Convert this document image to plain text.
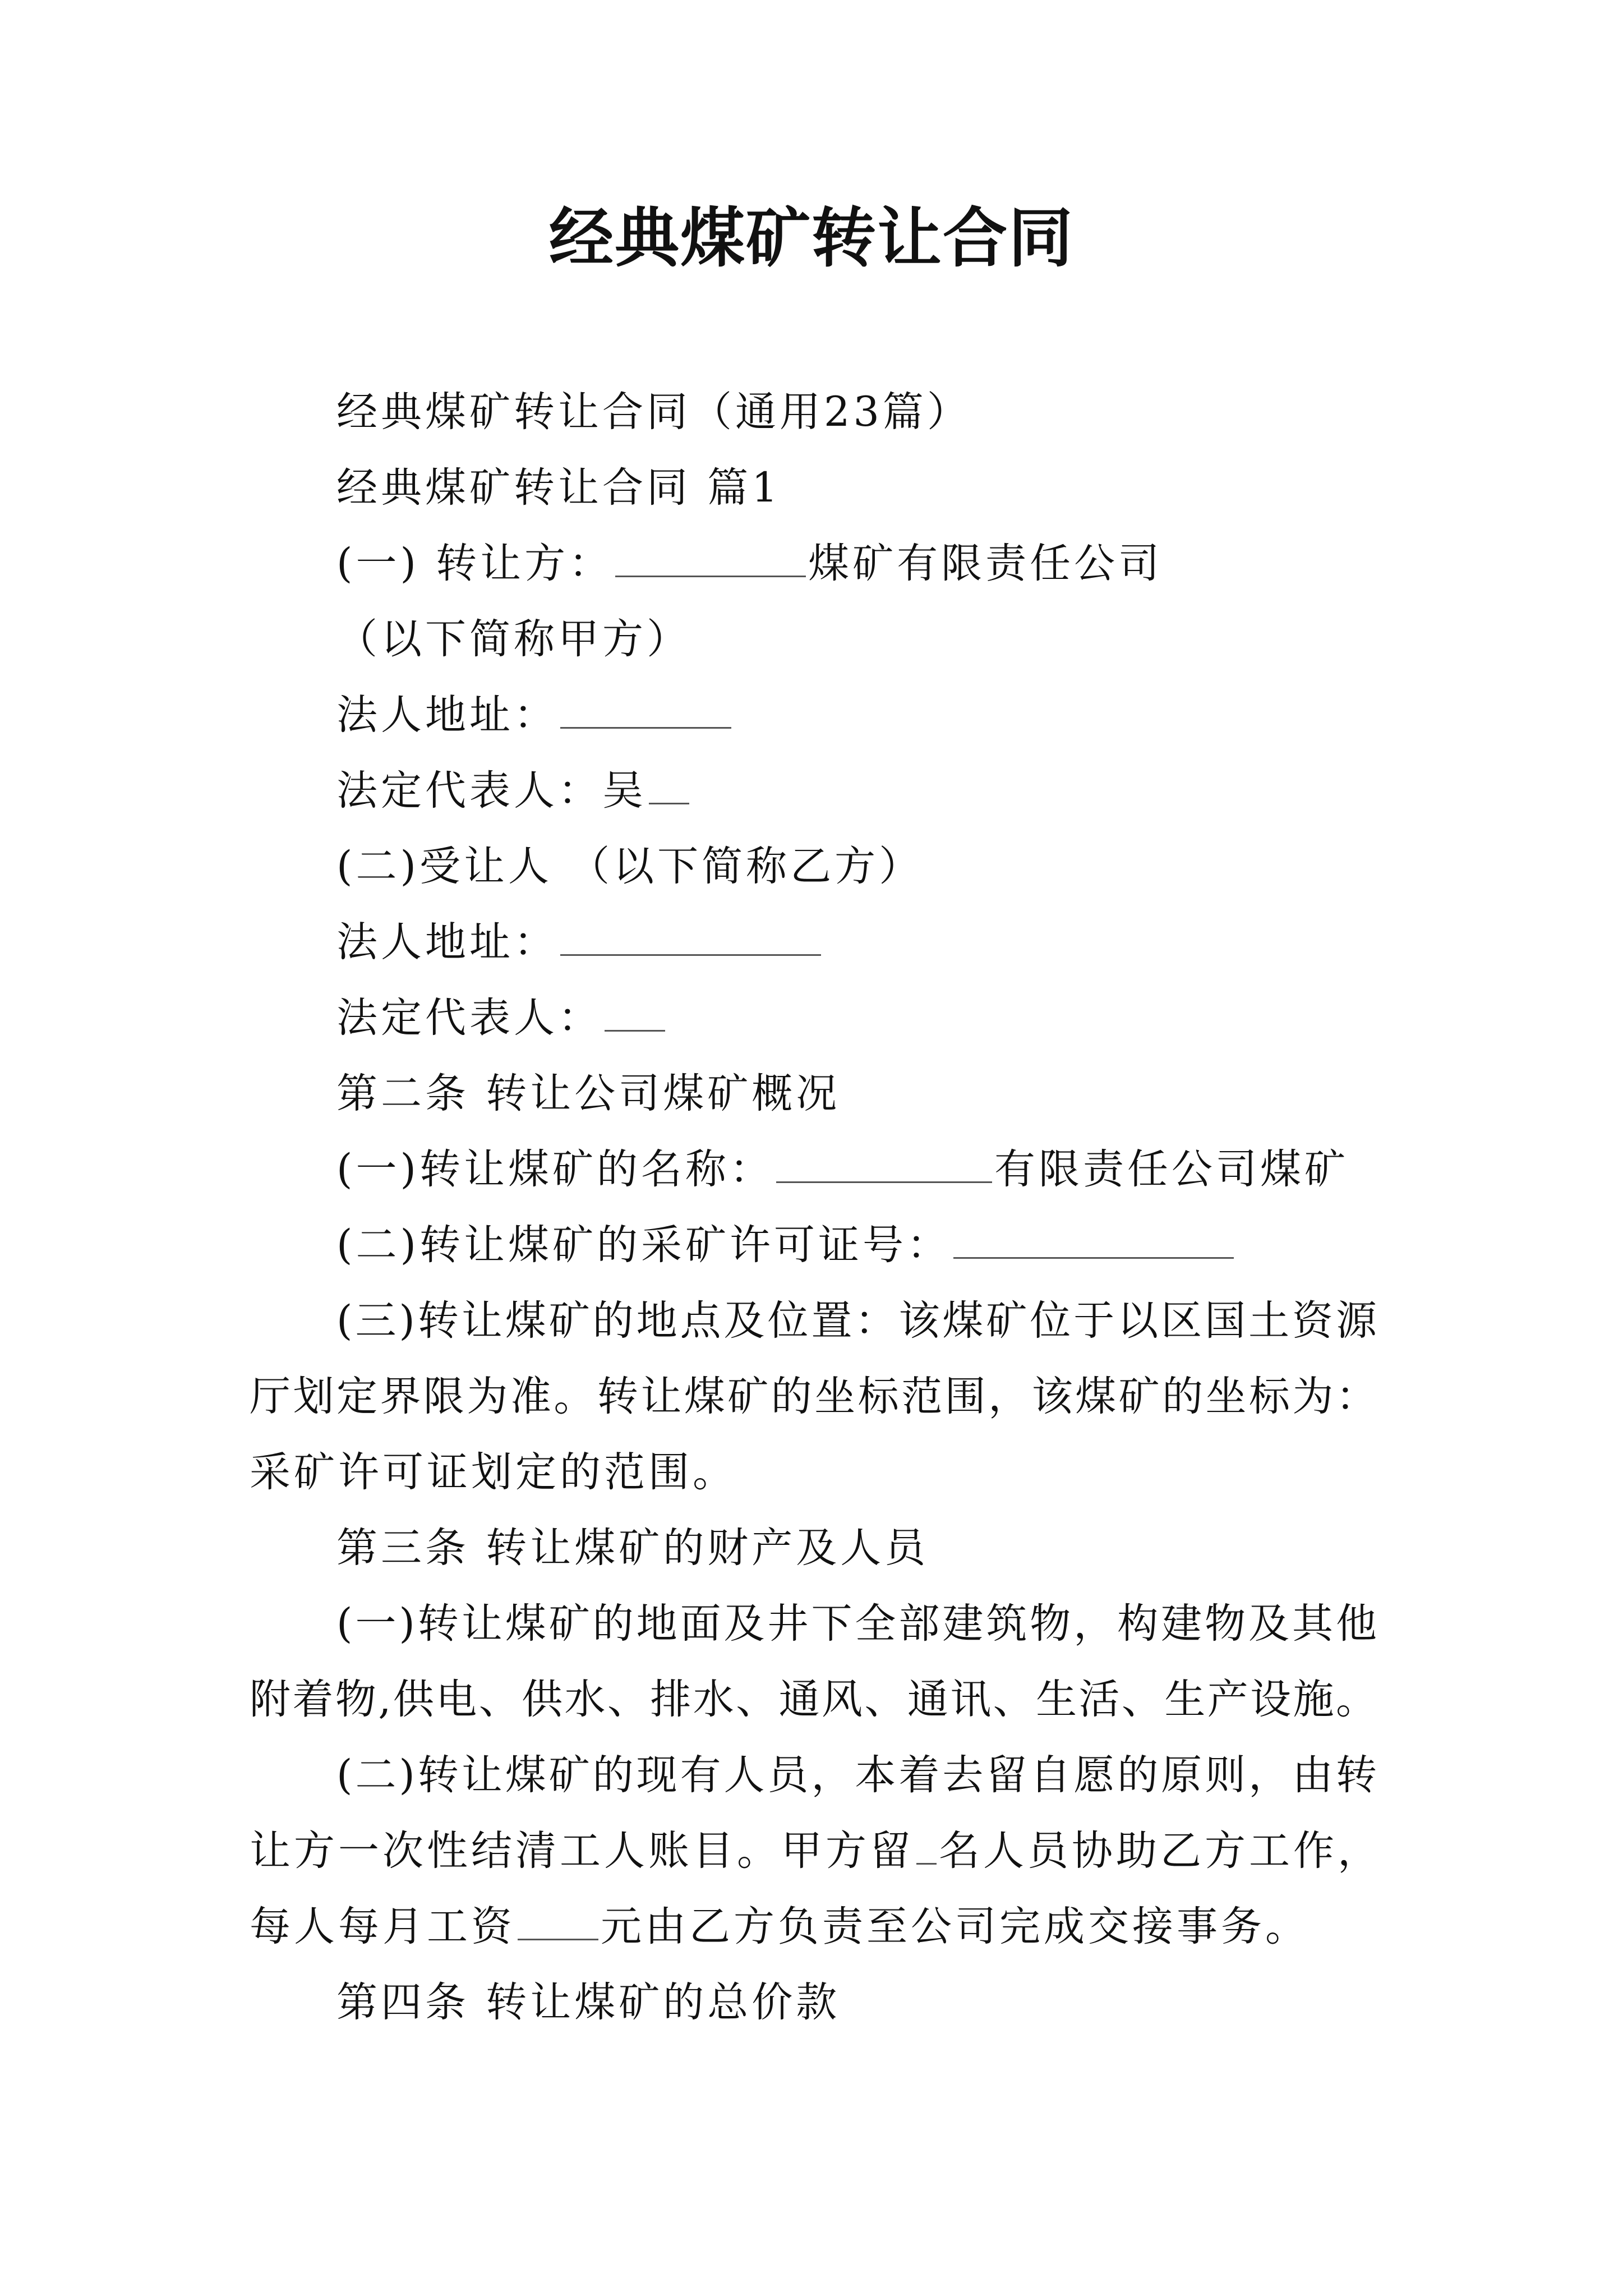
经典煤矿转让合同
经典煤矿转让合同（通用23篇）
经典煤矿转让合同 篇1
(一) 转让方：	煤矿有限责任公司
（以下简称甲方）
法人地址：
法定代表人：吴
(二)受让人 （以下简称乙方）
法人地址：
法定代表人：
第二条 转让公司煤矿概况
(一)转让煤矿的名称：	有限责任公司煤矿
(二)转让煤矿的采矿许可证号：
(三)转让煤矿的地点及位置：该煤矿位于以区国土资源
厅划定界限为准。转让煤矿的坐标范围，该煤矿的坐标为：
采矿许可证划定的范围。
第三条 转让煤矿的财产及人员
(一)转让煤矿的地面及井下全部建筑物，构建物及其他
附着物,供电、供水、排水、通风、通讯、生活、生产设施。
(二)转让煤矿的现有人员，本着去留自愿的原则，由转
让方一次性结清工人账目。甲方留 名人员协助乙方工作，
每人每月工资 元由乙方负责至公司完成交接事务。
第四条 转让煤矿的总价款
